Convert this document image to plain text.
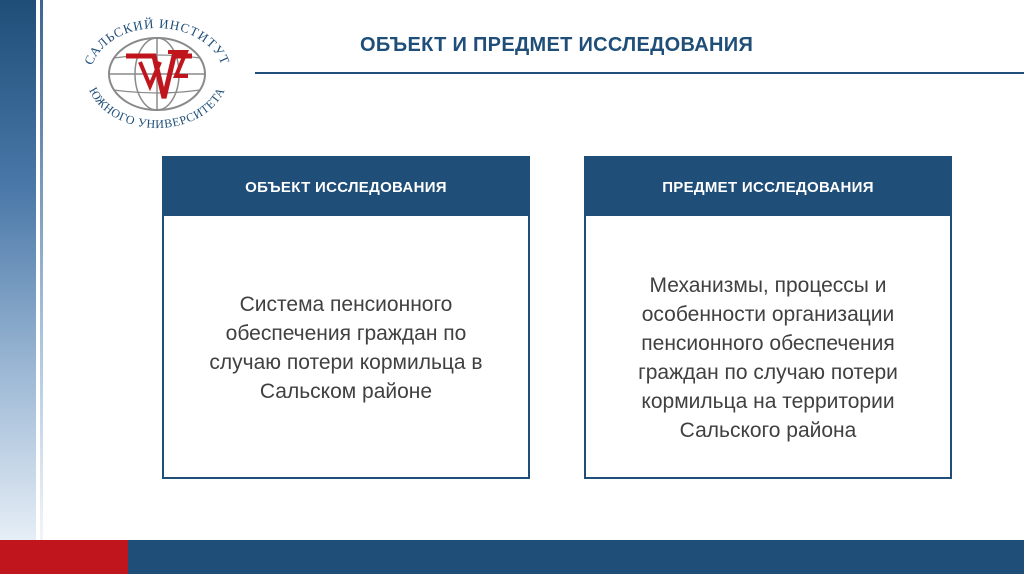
САЛЬСКИЙ ИНСТИТУТ
ЮЖНОГО УНИВЕРСИТЕТА
ОБЪЕКТ И ПРЕДМЕТ ИССЛЕДОВАНИЯ
ОБЪЕКТ ИССЛЕДОВАНИЯ
Система пенсионного
обеспечения граждан по
случаю потери кормильца в
Сальском районе
ПРЕДМЕТ ИССЛЕДОВАНИЯ
Механизмы, процессы и
особенности организации
пенсионного обеспечения
граждан по случаю потери
кормильца на территории
Сальского района
